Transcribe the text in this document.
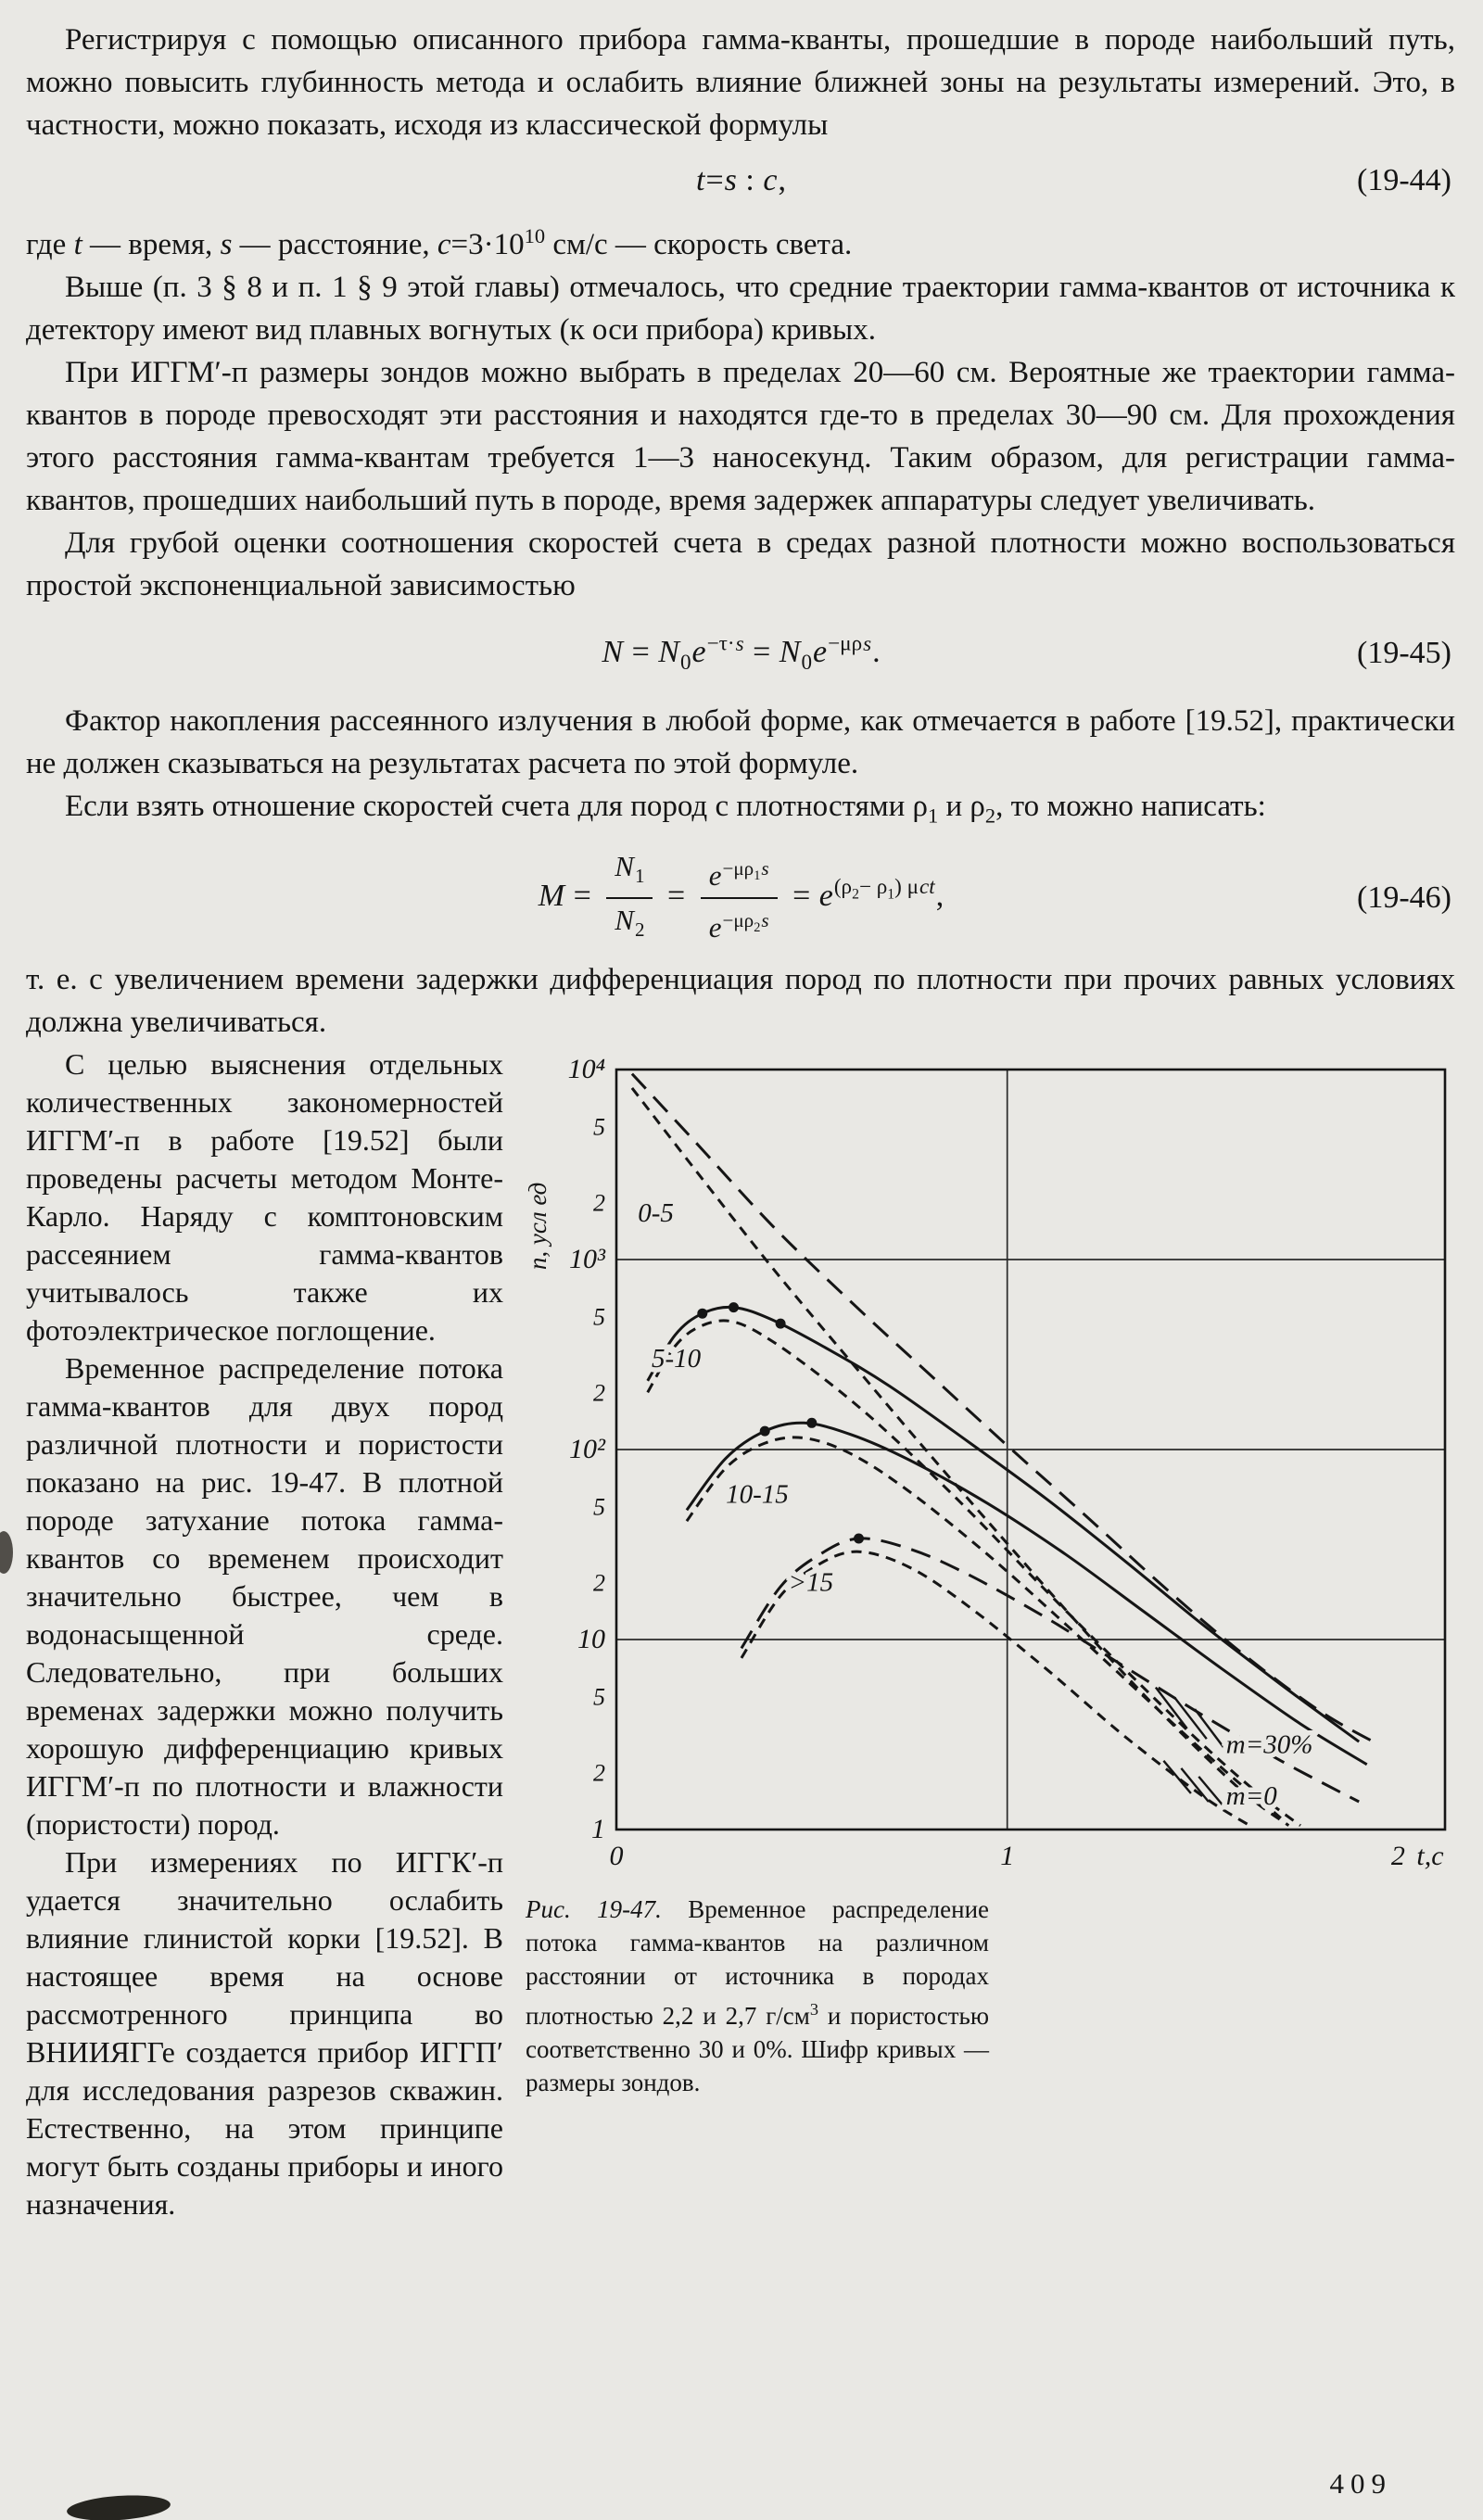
Регистрируя с помощью описанного прибора гамма-кванты, прошедшие в породе наибольший путь, можно повысить глубинность метода и ослабить влияние ближней зоны на результаты измерений. Это, в частности, можно показать, исходя из классической формулы

t=s : c,	(19-44)

где t — время, s — расстояние, $с=3\cdot 10^{10}$ см/с — скорость света.

Выше (п. 3 § 8 и п. 1 § 9 этой главы) отмечалось, что средние траектории гамма-квантов от источника к детектору имеют вид плавных вогнутых (к оси прибора) кривых.

При ИГГМ′-п размеры зондов можно выбрать в пределах 20—60 см. Вероятные же траектории гамма-квантов в породе превосходят эти расстояния и находятся где-то в пределах 30—90 см. Для прохождения этого расстояния гамма-квантам требуется 1—3 наносекунд. Таким образом, для регистрации гамма-квантов, прошедших наибольший путь в породе, время задержек аппаратуры следует увеличивать.

Для грубой оценки соотношения скоростей счета в средах разной плотности можно воспользоваться простой экспоненциальной зависимостью

$N = N_0e^{-\tau\cdot s} = N_0e^{-\mu\rho s}$.	(19-45)

Фактор накопления рассеянного излучения в любой форме, как отмечается в работе [19.52], практически не должен сказываться на результатах расчета по этой формуле.

Если взять отношение скоростей счета для пород с плотностями $\rho_1$ и $\rho_2$, то можно написать:

$M = \frac{N_1}{N_2} = \frac{e^{-\mu\rho_1s}}{e^{-\mu\rho_2s}} = e^{(\rho_2- \rho_1) \mu ct}$,	(19-46)

т. е. с увеличением времени задержки дифференциация пород по плотности при прочих равных условиях должна увеличиваться.

С целью выяснения отдельных количественных закономерностей ИГГМ′-п в работе [19.52] были проведены расчеты методом Монте-Карло. Наряду с комптоновским рассеянием гамма-квантов учитывалось также их фотоэлектрическое поглощение.

Временное распределение потока гамма-квантов для двух пород различной плотности и пористости показано на рис. 19-47. В плотной породе затухание потока гамма-квантов со временем происходит значительно быстрее, чем в водонасыщенной среде. Следовательно, при больших временах задержки можно получить хорошую дифференциацию кривых ИГГМ′-п по плотности и влажности (пористости) пород.

При измерениях по ИГГК′-п удается значительно ослабить влияние глинистой корки [19.52]. В настоящее время на основе рассмотренного принципа во ВНИИЯГГе создается прибор ИГГП′ для исследования разрезов скважин. Естественно, на этом принципе могут быть созданы приборы и иного назначения.

1
2
5
10
2
5
10²
2
5
10³
2
5
10⁴
0	1	2 t,c
n, усл ед	0-5
5-10
10-15
>15
m=30%
m=0

Рис. 19-47. Временное распределение потока гамма-квантов на различном расстоянии от источника в породах плотностью 2,2 и 2,7 $г/см^3$ и пористостью соответственно 30 и 0%. Шифр кривых — размеры зондов.

409
